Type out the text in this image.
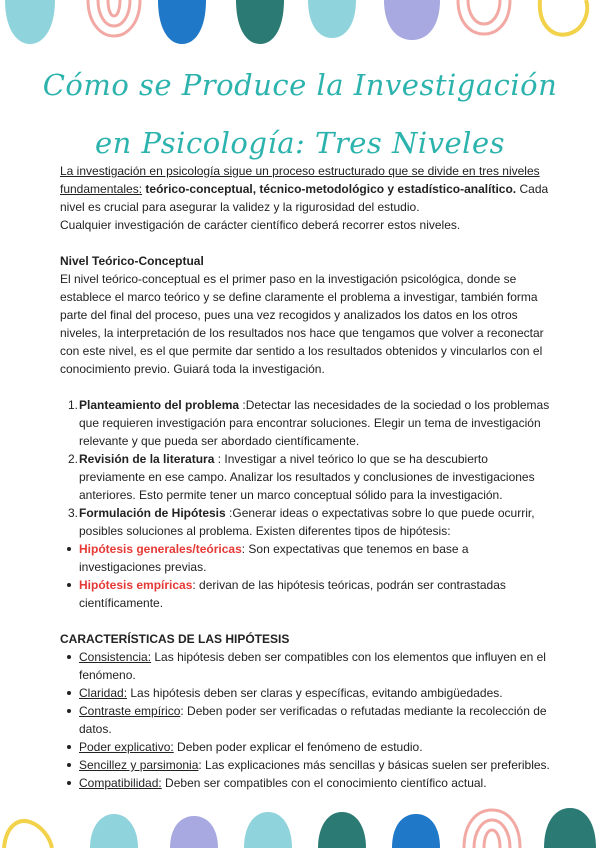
Cómo se Produce la Investigación en Psicología: Tres Niveles

La investigación en psicología sigue un proceso estructurado que se divide en tres niveles fundamentales: teórico-conceptual, técnico-metodológico y estadístico-analítico. Cada nivel es crucial para asegurar la validez y la rigurosidad del estudio.

Cualquier investigación de carácter científico deberá recorrer estos niveles.

Nivel Teórico-Conceptual

El nivel teórico-conceptual es el primer paso en la investigación psicológica, donde se establece el marco teórico y se define claramente el problema a investigar, también forma parte del final del proceso, pues una vez recogidos y analizados los datos en los otros niveles, la interpretación de los resultados nos hace que tengamos que volver a reconectar con este nivel, es el que permite dar sentido a los resultados obtenidos y vincularlos con el conocimiento previo. Guiará toda la investigación.

1. Planteamiento del problema :Detectar las necesidades de la sociedad o los problemas que requieren investigación para encontrar soluciones. Elegir un tema de investigación relevante y que pueda ser abordado científicamente.
2. Revisión de la literatura : Investigar a nivel teórico lo que se ha descubierto previamente en ese campo. Analizar los resultados y conclusiones de investigaciones anteriores. Esto permite tener un marco conceptual sólido para la investigación.
3. Formulación de Hipótesis :Generar ideas o expectativas sobre lo que puede ocurrir, posibles soluciones al problema. Existen diferentes tipos de hipótesis:
Hipótesis generales/teóricas: Son expectativas que tenemos en base a investigaciones previas.
Hipótesis empíricas: derivan de las hipótesis teóricas, podrán ser contrastadas científicamente.

CARACTERÍSTICAS DE LAS HIPÓTESIS

Consistencia: Las hipótesis deben ser compatibles con los elementos que influyen en el fenómeno.
Claridad: Las hipótesis deben ser claras y específicas, evitando ambigüedades.
Contraste empírico: Deben poder ser verificadas o refutadas mediante la recolección de datos.
Poder explicativo: Deben poder explicar el fenómeno de estudio.
Sencillez y parsimonia: Las explicaciones más sencillas y básicas suelen ser preferibles.
Compatibilidad: Deben ser compatibles con el conocimiento científico actual.
